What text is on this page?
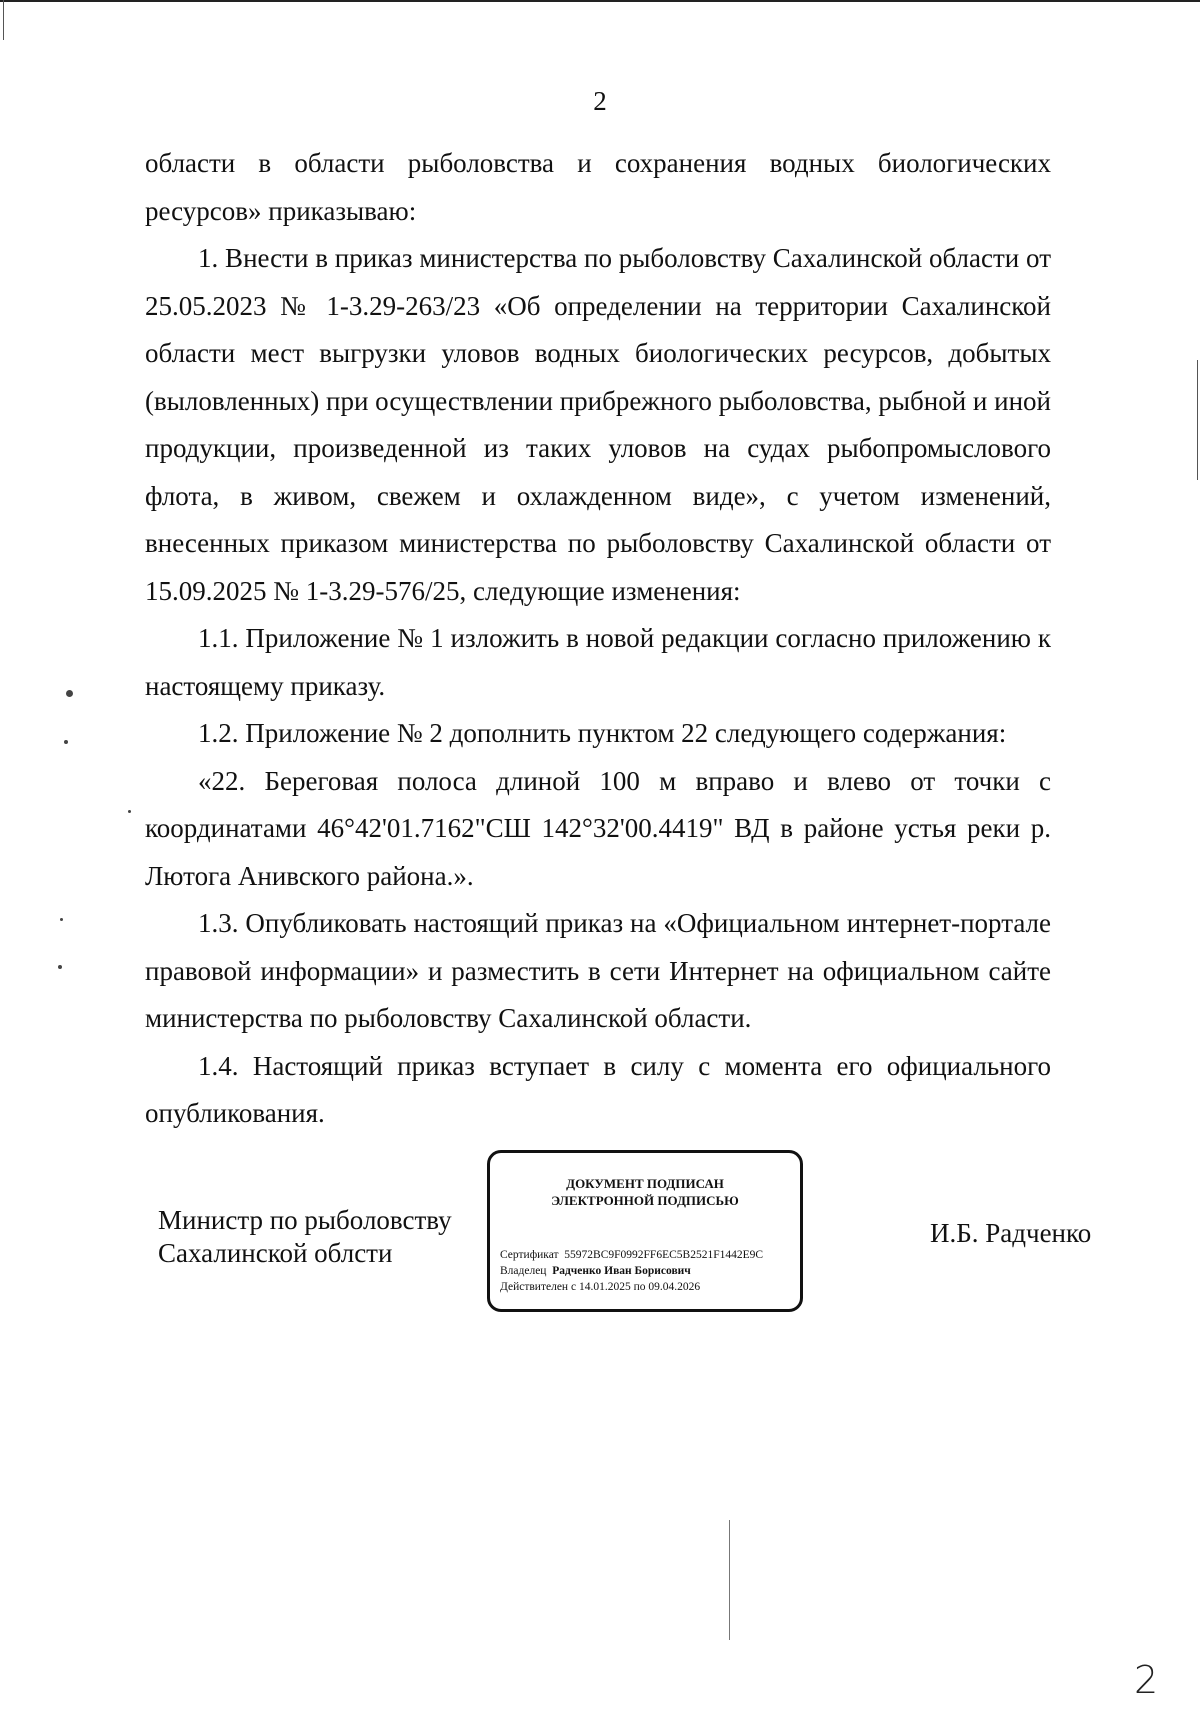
2

области в области рыболовства и сохранения водных биологических ресурсов» приказываю:

1. Внести в приказ министерства по рыболовству Сахалинской области от 25.05.2023 № 1-3.29-263/23 «Об определении на территории Сахалинской области мест выгрузки уловов водных биологических ресурсов, добытых (выловленных) при осуществлении прибрежного рыболовства, рыбной и иной продукции, произведенной из таких уловов на судах рыбопромыслового флота, в живом, свежем и охлажденном виде», с учетом изменений, внесенных приказом министерства по рыболовству Сахалинской области от 15.09.2025 № 1-3.29-576/25, следующие изменения:

1.1. Приложение № 1 изложить в новой редакции согласно приложению к настоящему приказу.

1.2. Приложение № 2 дополнить пунктом 22 следующего содержания:

«22. Береговая полоса длиной 100 м вправо и влево от точки с координатами 46°42'01.7162"СШ 142°32'00.4419" ВД в районе устья реки р. Лютога Анивского района.».

1.3. Опубликовать настоящий приказ на «Официальном интернет-портале правовой информации» и разместить в сети Интернет на официальном сайте министерства по рыболовству Сахалинской области.

1.4. Настоящий приказ вступает в силу с момента его официального опубликования.

Министр по рыболовству
Сахалинской облсти
ДОКУМЕНТ ПОДПИСАН
ЭЛЕКТРОННОЙ ПОДПИСЬЮ
Сертификат 55972BC9F0992FF6EC5B2521F1442E9C
Владелец Радченко Иван Борисович
Действителен с 14.01.2025 по 09.04.2026
И.Б. Радченко
2
